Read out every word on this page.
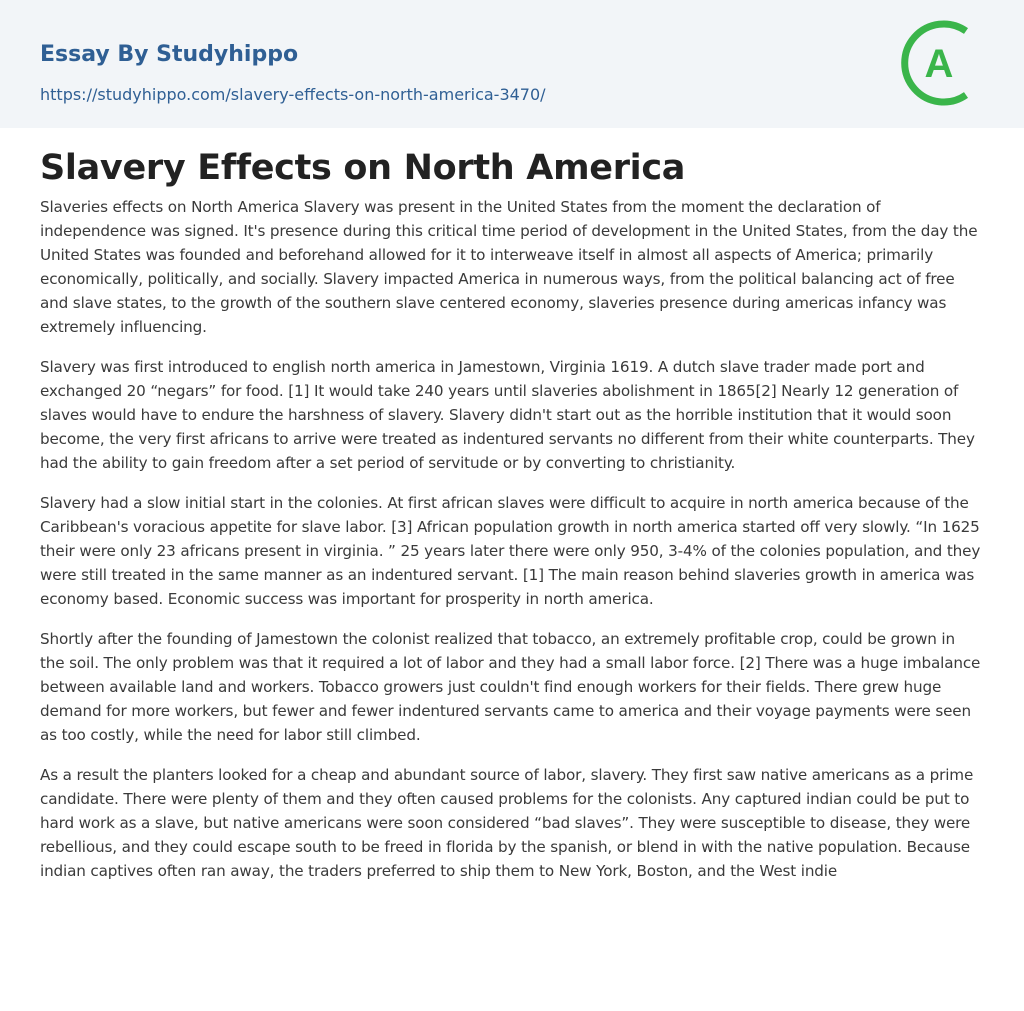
Essay By Studyhippo
https://studyhippo.com/slavery-effects-on-north-america-3470/
A
Slavery Effects on North America

Slaveries effects on North America Slavery was present in the United States from the moment the declaration of independence was signed. It's presence during this critical time period of development in the United States, from the day the United States was founded and beforehand allowed for it to interweave itself in almost all aspects of America; primarily economically, politically, and socially. Slavery impacted America in numerous ways, from the political balancing act of free and slave states, to the growth of the southern slave centered economy, slaveries presence during americas infancy was extremely influencing.

Slavery was first introduced to english north america in Jamestown, Virginia 1619. A dutch slave trader made port and exchanged 20 “negars” for food. [1] It would take 240 years until slaveries abolishment in 1865[2] Nearly 12 generation of slaves would have to endure the harshness of slavery. Slavery didn't start out as the horrible institution that it would soon become, the very first africans to arrive were treated as indentured servants no different from their white counterparts. They had the ability to gain freedom after a set period of servitude or by converting to christianity.

Slavery had a slow initial start in the colonies. At first african slaves were difficult to acquire in north america because of the Caribbean's voracious appetite for slave labor. [3] African population growth in north america started off very slowly. “In 1625 their were only 23 africans present in virginia. ” 25 years later there were only 950, 3-4% of the colonies population, and they were still treated in the same manner as an indentured servant. [1] The main reason behind slaveries growth in america was economy based. Economic success was important for prosperity in north america.

Shortly after the founding of Jamestown the colonist realized that tobacco, an extremely profitable crop, could be grown in the soil. The only problem was that it required a lot of labor and they had a small labor force. [2] There was a huge imbalance between available land and workers. Tobacco growers just couldn't find enough workers for their fields. There grew huge demand for more workers, but fewer and fewer indentured servants came to america and their voyage payments were seen as too costly, while the need for labor still climbed.

As a result the planters looked for a cheap and abundant source of labor, slavery. They first saw native americans as a prime candidate. There were plenty of them and they often caused problems for the colonists. Any captured indian could be put to hard work as a slave, but native americans were soon considered “bad slaves”. They were susceptible to disease, they were rebellious, and they could escape south to be freed in florida by the spanish, or blend in with the native population. Because indian captives often ran away, the traders preferred to ship them to New York, Boston, and the West indie
